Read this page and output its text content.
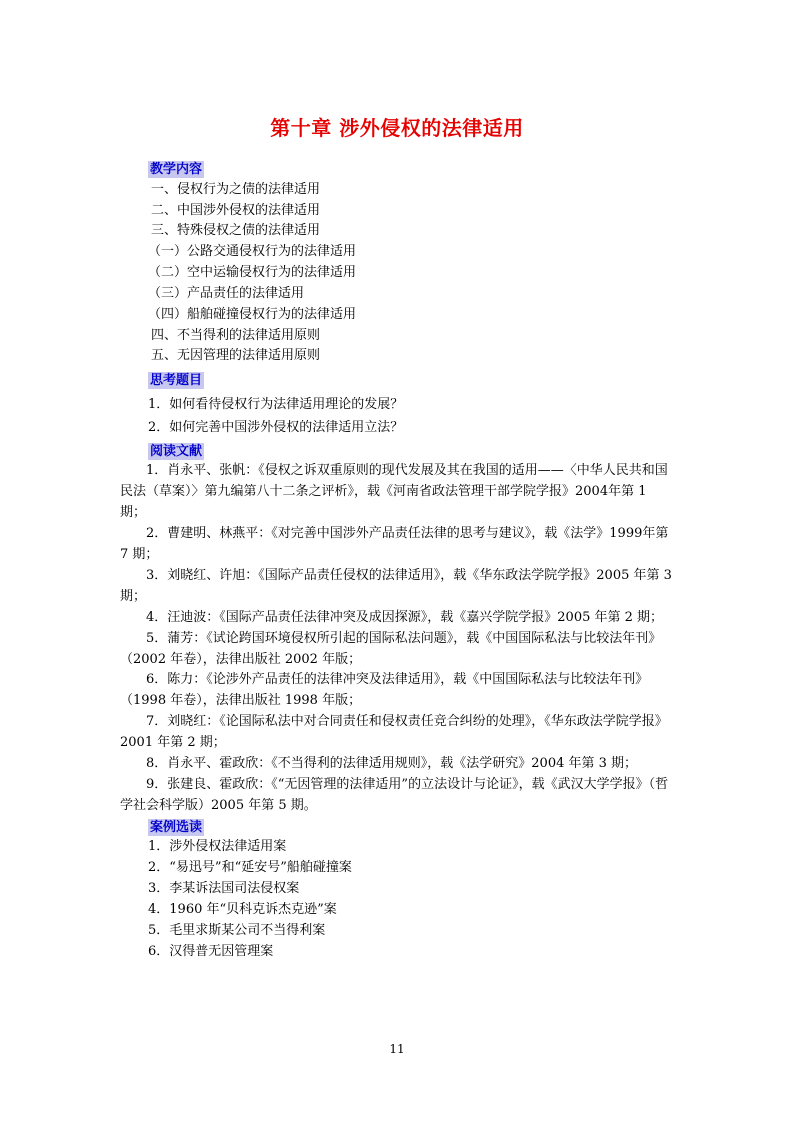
第十章 涉外侵权的法律适用
教学内容
一、侵权行为之债的法律适用
二、中国涉外侵权的法律适用
三、特殊侵权之债的法律适用
（一）公路交通侵权行为的法律适用
（二）空中运输侵权行为的法律适用
（三）产品责任的法律适用
（四）船舶碰撞侵权行为的法律适用
四、不当得利的法律适用原则
五、无因管理的法律适用原则
思考题目
1．如何看待侵权行为法律适用理论的发展？
2．如何完善中国涉外侵权的法律适用立法？
阅读文献
1．肖永平、张帆：《侵权之诉双重原则的现代发展及其在我国的适用——〈中华人民共和国民法（草案）〉第九编第八十二条之评析》，载《河南省政法管理干部学院学报》2004年第 1 期；
2．曹建明、林燕平：《对完善中国涉外产品责任法律的思考与建议》，载《法学》1999年第 7 期；
3．刘晓红、许旭：《国际产品责任侵权的法律适用》，载《华东政法学院学报》2005 年第 3 期；
4．汪迪波：《国际产品责任法律冲突及成因探源》，载《嘉兴学院学报》2005 年第 2 期；
5．蒲芳：《试论跨国环境侵权所引起的国际私法问题》，载《中国国际私法与比较法年刊》（2002 年卷），法律出版社 2002 年版；
6．陈力：《论涉外产品责任的法律冲突及法律适用》，载《中国国际私法与比较法年刊》（1998 年卷），法律出版社 1998 年版；
7．刘晓红：《论国际私法中对合同责任和侵权责任竞合纠纷的处理》，《华东政法学院学报》2001 年第 2 期；
8．肖永平、霍政欣：《不当得利的法律适用规则》，载《法学研究》2004 年第 3 期；
9．张建良、霍政欣：《“无因管理的法律适用”的立法设计与论证》，载《武汉大学学报》（哲学社会科学版）2005 年第 5 期。
案例选读
1．涉外侵权法律适用案
2．“易迅号”和“延安号”船舶碰撞案
3．李某诉法国司法侵权案
4．1960 年“贝科克诉杰克逊”案
5．毛里求斯某公司不当得利案
6．汉得普无因管理案
11
